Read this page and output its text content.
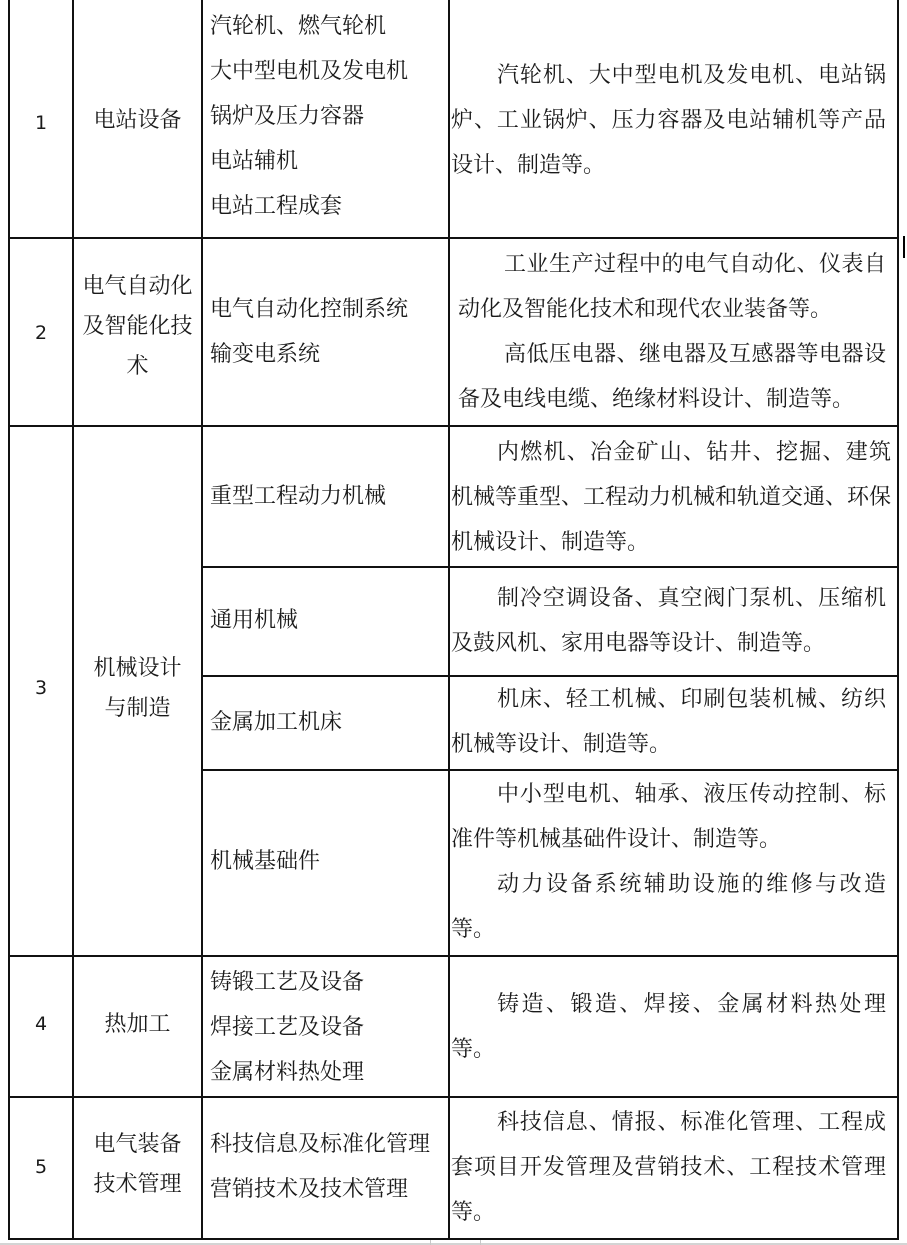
1	电站设备
汽轮机、燃气轮机
大中型电机及发电机
锅炉及压力容器
电站辅机
电站工程成套

汽轮机、大中型电机及发电机、电站锅炉、工业锅炉、压力容器及电站辅机等产品设计、制造等。

2
电气自动化
及智能化技
术
电气自动化控制系统
输变电系统

工业生产过程中的电气自动化、仪表自动化及智能化技术和现代农业装备等。

高低压电器、继电器及互感器等电器设备及电线电缆、绝缘材料设计、制造等。

3
机械设计
与制造
重型工程动力机械

内燃机、冶金矿山、钻井、挖掘、建筑机械等重型、工程动力机械和轨道交通、环保机械设计、制造等。

通用机械

制冷空调设备、真空阀门泵机、压缩机及鼓风机、家用电器等设计、制造等。

金属加工机床

机床、轻工机械、印刷包装机械、纺织机械等设计、制造等。

机械基础件

中小型电机、轴承、液压传动控制、标准件等机械基础件设计、制造等。

动力设备系统辅助设施的维修与改造等。

4	热加工
铸锻工艺及设备
焊接工艺及设备
金属材料热处理

铸造、锻造、焊接、金属材料热处理等。

5
电气装备
技术管理
科技信息及标准化管理
营销技术及技术管理

科技信息、情报、标准化管理、工程成套项目开发管理及营销技术、工程技术管理等。
